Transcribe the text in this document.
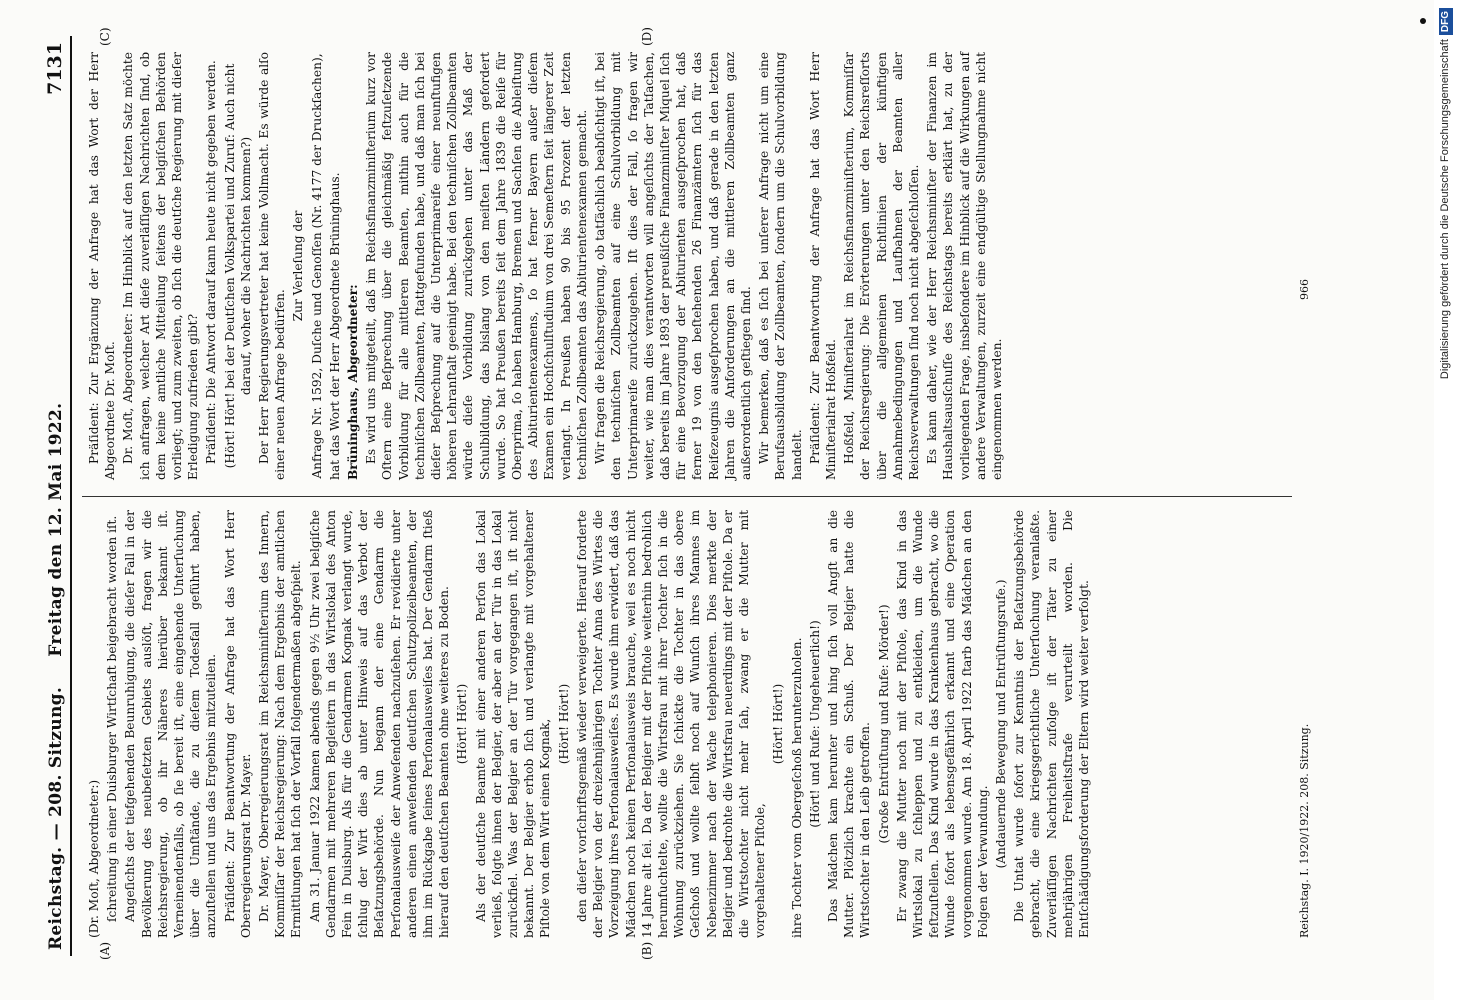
Reichstag. — 208. Sitzung. Freitag den 12. Mai 1922.
7131
(A)	(B)
(C)	(D)

(Dr. Moſt, Abgeordneter:) ſchreitung in einer Duisburger Wirtſchaft beigebracht worden iſt. Angeſichts der tiefgehenden Beunruhigung, die dieſer Fall in der Bevölkerung des neubeſetzten Gebiets auslöſt, fragen wir die Reichsregierung, ob ihr Näheres hierüber bekannt iſt. Verneinendenfalls, ob ſie bereit iſt, eine eingehende Unterſuchung über die Umſtände, die zu dieſem Todesfall geführt haben, anzuſtellen und uns das Ergebnis mitzuteilen. Präſident: Zur Beantwortung der Anfrage hat das Wort Herr Oberregierungsrat Dr. Mayer. Dr. Mayer, Oberregierungsrat im Reichsminiſterium des Innern, Kommiſſar der Reichsregierung: Nach dem Ergebnis der amtlichen Ermittlungen hat ſich der Vorfall folgendermaßen abgeſpielt. Am 31. Januar 1922 kamen abends gegen 9½ Uhr zwei belgiſche Gendarmen mit mehreren Begleitern in das Wirtslokal des Anton Fein in Duisburg. Als für die Gendarmen Kognak verlangt wurde, ſchlug der Wirt dies ab unter Hinweis auf das Verbot der Beſatzungsbehörde. Nun begann der eine Gendarm die Perſonalausweiſe der Anweſenden nachzuſehen. Er revidierte unter anderen einen anweſenden deutſchen Schutzpolizeibeamten, der ihm im Rückgabe ſeines Perſonalausweiſes bat. Der Gendarm ſtieß hierauf den deutſchen Beamten ohne weiteres zu Boden. (Hört! Hört!) Als der deutſche Beamte mit einer anderen Perſon das Lokal verließ, folgte ihnen der Belgier, der aber an der Tür in das Lokal zurückfiel. Was der Belgier an der Tür vorgegangen iſt, iſt nicht bekannt. Der Belgier erhob ſich und verlangte mit vorgehaltener Piſtole von dem Wirt einen Kognak, (Hört! Hört!) den dieſer vorſchriftsgemäß wieder verweigerte. Hierauf forderte der Belgier von der dreizehnjährigen Tochter Anna des Wirtes die Vorzeigung ihres Perſonalausweiſes. Es wurde ihm erwidert, daß das Mädchen noch keinen Perſonalausweis brauche, weil es noch nicht 14 Jahre alt ſei. Da der Belgier mit der Piſtole weiterhin bedrohlich herumfuchtelte, wollte die Wirtsfrau mit ihrer Tochter ſich in die Wohnung zurückziehen. Sie ſchickte die Tochter in das obere Geſchoß und wollte ſelbſt noch auf Wunſch ihres Mannes im Nebenzimmer nach der Wache telephonieren. Dies merkte der Belgier und bedrohte die Wirtsfrau neuerdings mit der Piſtole. Da er die Wirtstochter nicht mehr ſah, zwang er die Mutter mit vorgehaltener Piſtole,

(Hört! Hört!) ihre Tochter vom Obergeſchoß herunterzuholen. (Hört! und Rufe: Ungeheuerlich!) Das Mädchen kam herunter und hing ſich voll Angſt an die Mutter. Plötzlich krachte ein Schuß. Der Belgier hatte die Wirtstochter in den Leib getroffen. (Große Entrüſtung und Rufe: Mörder!) Er zwang die Mutter noch mit der Piſtole, das Kind in das Wirtslokal zu ſchleppen und zu entkleiden, um die Wunde feſtzuſtellen. Das Kind wurde in das Krankenhaus gebracht, wo die Wunde ſofort als lebensgefährlich erkannt und eine Operation vorgenommen wurde. Am 18. April 1922 ſtarb das Mädchen an den Folgen der Verwundung. (Andauernde Bewegung und Entrüſtungsrufe.) Die Untat wurde ſofort zur Kenntnis der Beſatzungsbehörde gebracht, die eine kriegsgerichtliche Unterſuchung veranlaßte. Zuverläſſigen Nachrichten zufolge iſt der Täter zu einer mehrjährigen Freiheitsſtrafe verurteilt worden. Die Entſchädigungsforderung der Eltern wird weiter verfolgt.

Präſident: Zur Ergänzung der Anfrage hat das Wort der Herr Abgeordnete Dr. Moſt. Dr. Moſt, Abgeordneter: Im Hinblick auf den letzten Satz möchte ich anfragen, welcher Art dieſe zuverläſſigen Nachrichten ſind, ob dem keine amtliche Mitteilung ſeitens der belgiſchen Behörden vorliegt; und zum zweiten, ob ſich die deutſche Regierung mit dieſer Erledigung zufrieden gibt? Präſident: Die Antwort darauf kann heute nicht gegeben werden. (Hört! Hört! bei der Deutſchen Volkspartei und Zuruf: Auch nicht darauf, woher die Nachrichten kommen?) Der Herr Regierungsvertreter hat keine Vollmacht. Es würde alſo einer neuen Anfrage bedürfen.

Zur Verleſung der Anfrage Nr. 1592, Duſche und Genoſſen (Nr. 4177 der Druckſachen), hat das Wort der Herr Abgeordnete Brüninghaus. Brüninghaus, Abgeordneter: Es wird uns mitgeteilt, daß im Reichsfinanzminiſterium kurz vor Oſtern eine Beſprechung über die gleichmäßig feſtzuſetzende Vorbildung für alle mittleren Beamten, mithin auch für die techniſchen Zollbeamten, ſtattgefunden habe, und daß man ſich bei dieſer Beſprechung auf die Unterprimareife einer neunſtufigen höheren Lehranſtalt geeinigt habe. Bei den techniſchen Zollbeamten würde dieſe Vorbildung zurückgehen unter das Maß der Schulbildung, das bislang von den meiſten Ländern gefordert wurde. So hat Preußen bereits ſeit dem Jahre 1839 die Reiſe für Oberprima, ſo haben Hamburg, Bremen und Sachſen die Ableiſtung des Abiturientenexamens, ſo hat ferner Bayern außer dieſem Examen ein Hochſchulſtudium von drei Semeſtern ſeit längerer Zeit verlangt. In Preußen haben 90 bis 95 Prozent der letzten techniſchen Zollbeamten das Abiturientenexamen gemacht. Wir fragen die Reichsregierung, ob tatſächlich beabſichtigt iſt, bei den techniſchen Zollbeamten auf eine Schulvorbildung mit Unterprimareife zurückzugehen. Iſt dies der Fall, ſo fragen wir weiter, wie man dies verantworten will angeſichts der Tatſachen, daß bereits im Jahre 1893 der preußiſche Finanzminiſter Miquel ſich für eine Bevorzugung der Abiturienten ausgeſprochen hat, daß ferner 19 von den beſtehenden 26 Finanzämtern ſich für das Reifezeugnis ausgeſprochen haben, und daß gerade in den letzten Jahren die Anforderungen an die mittleren Zollbeamten ganz außerordentlich geſtiegen ſind. Wir bemerken, daß es ſich bei unſerer Anfrage nicht um eine Berufsausbildung der Zollbeamten, ſondern um die Schulvorbildung handelt. Präſident: Zur Beantwortung der Anfrage hat das Wort Herr Miniſterialrat Hoßfeld. Hoßfeld, Miniſterialrat im Reichsfinanzminiſterium, Kommiſſar der Reichsregierung: Die Erörterungen unter den Reichsreſſorts über die allgemeinen Richtlinien der künftigen Annahmebedingungen und Laufbahnen der Beamten aller Reichsverwaltungen ſind noch nicht abgeſchloſſen. Es kann daher, wie der Herr Reichsminiſter der Finanzen im Haushaltsausſchuſſe des Reichstags bereits erklärt hat, zu der vorliegenden Frage, insbeſondere im Hinblick auf die Wirkungen auf andere Verwaltungen, zurzeit eine endgültige Stellungnahme nicht eingenommen werden.

Reichstag. I. 1920/1922. 208. Sitzung.
966	Digitalisierung gefördert durch die Deutsche ForschungsgemeinschaftDFG
